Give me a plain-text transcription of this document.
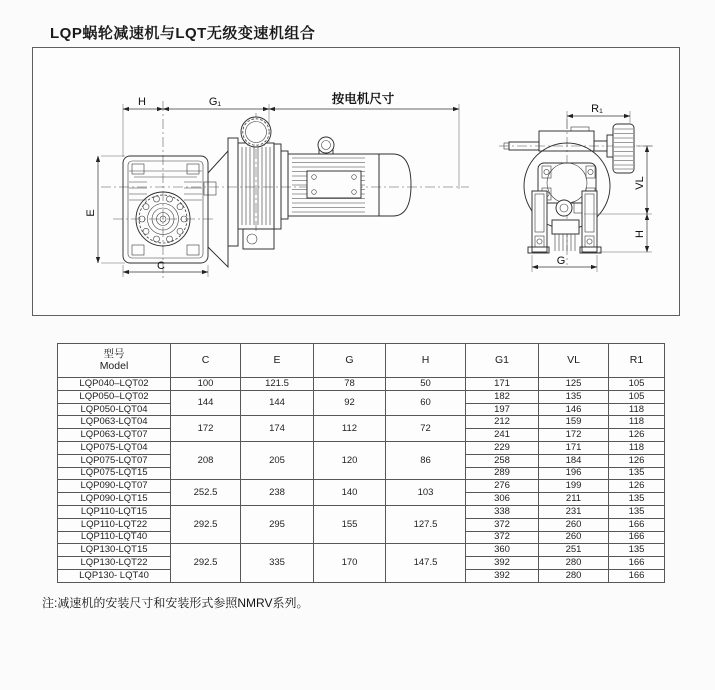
LQP蜗轮减速机与LQT无级变速机组合
H	G₁	按电机尺寸
E
C
R₁
G
VL
H
型号
Model	C	E	G	H	G1	VL	R1
LQP040–LQT02	100	121.5	78	50	171	125	105
LQP050–LQT02	144	144	92	60	182	135	105
LQP050-LQT04					197	146	118
LQP063-LQT04	172	174	112	72	212	159	118
LQP063-LQT07					241	172	126
LQP075-LQT04	208	205	120	86	229	171	118
LQP075-LQT07					258	184	126
LQP075-LQT15					289	196	135
LQP090-LQT07	252.5	238	140	103	276	199	126
LQP090-LQT15					306	211	135
LQP110-LQT15	292.5	295	155	127.5	338	231	135
LQP110-LQT22					372	260	166
LQP110-LQT40					372	260	166
LQP130-LQT15	292.5	335	170	147.5	360	251	135
LQP130-LQT22					392	280	166
LQP130- LQT40					392	280	166
注:减速机的安装尺寸和安装形式参照NMRV系列。
